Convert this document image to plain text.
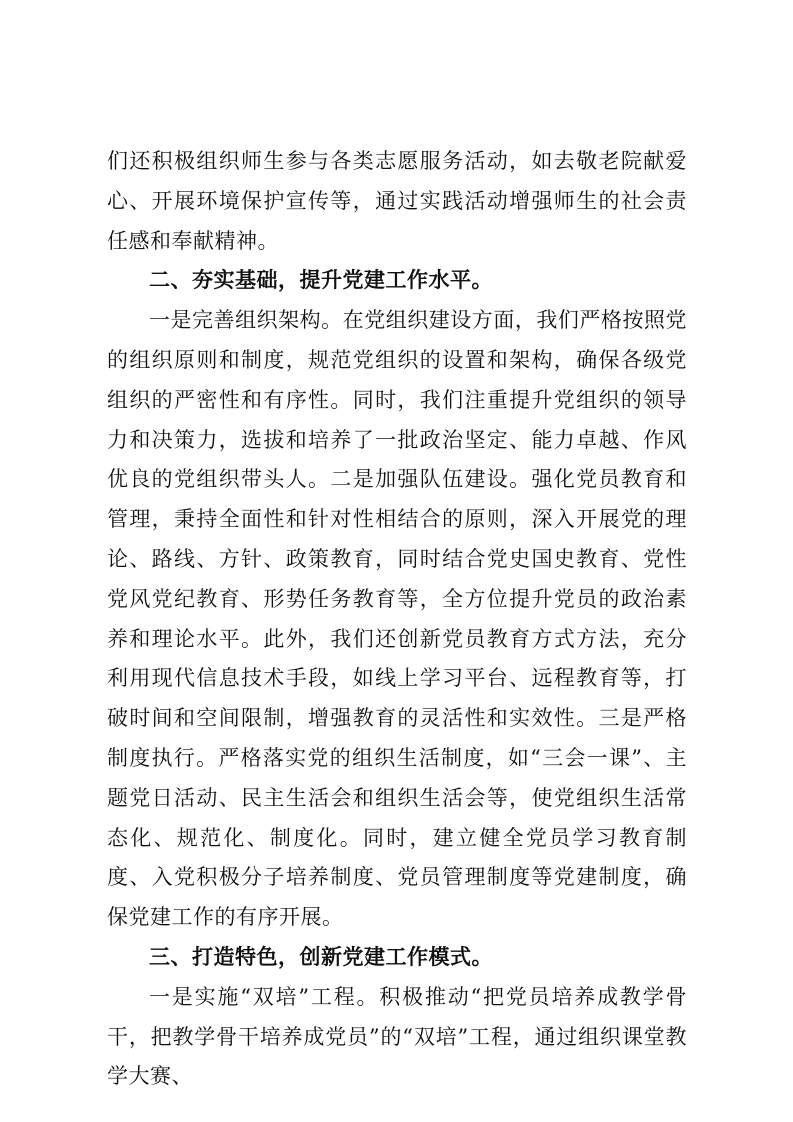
们还积极组织师生参与各类志愿服务活动，如去敬老院献爱心、开展环境保护宣传等，通过实践活动增强师生的社会责任感和奉献精神。

二、夯实基础，提升党建工作水平。

一是完善组织架构。在党组织建设方面，我们严格按照党的组织原则和制度，规范党组织的设置和架构，确保各级党组织的严密性和有序性。同时，我们注重提升党组织的领导力和决策力，选拔和培养了一批政治坚定、能力卓越、作风优良的党组织带头人。二是加强队伍建设。强化党员教育和管理，秉持全面性和针对性相结合的原则，深入开展党的理论、路线、方针、政策教育，同时结合党史国史教育、党性党风党纪教育、形势任务教育等，全方位提升党员的政治素养和理论水平。此外，我们还创新党员教育方式方法，充分利用现代信息技术手段，如线上学习平台、远程教育等，打破时间和空间限制，增强教育的灵活性和实效性。三是严格制度执行。严格落实党的组织生活制度，如“三会一课”、主题党日活动、民主生活会和组织生活会等，使党组织生活常态化、规范化、制度化。同时，建立健全党员学习教育制度、入党积极分子培养制度、党员管理制度等党建制度，确保党建工作的有序开展。

三、打造特色，创新党建工作模式。

一是实施“双培”工程。积极推动“把党员培养成教学骨干，把教学骨干培养成党员”的“双培”工程，通过组织课堂教学大赛、
